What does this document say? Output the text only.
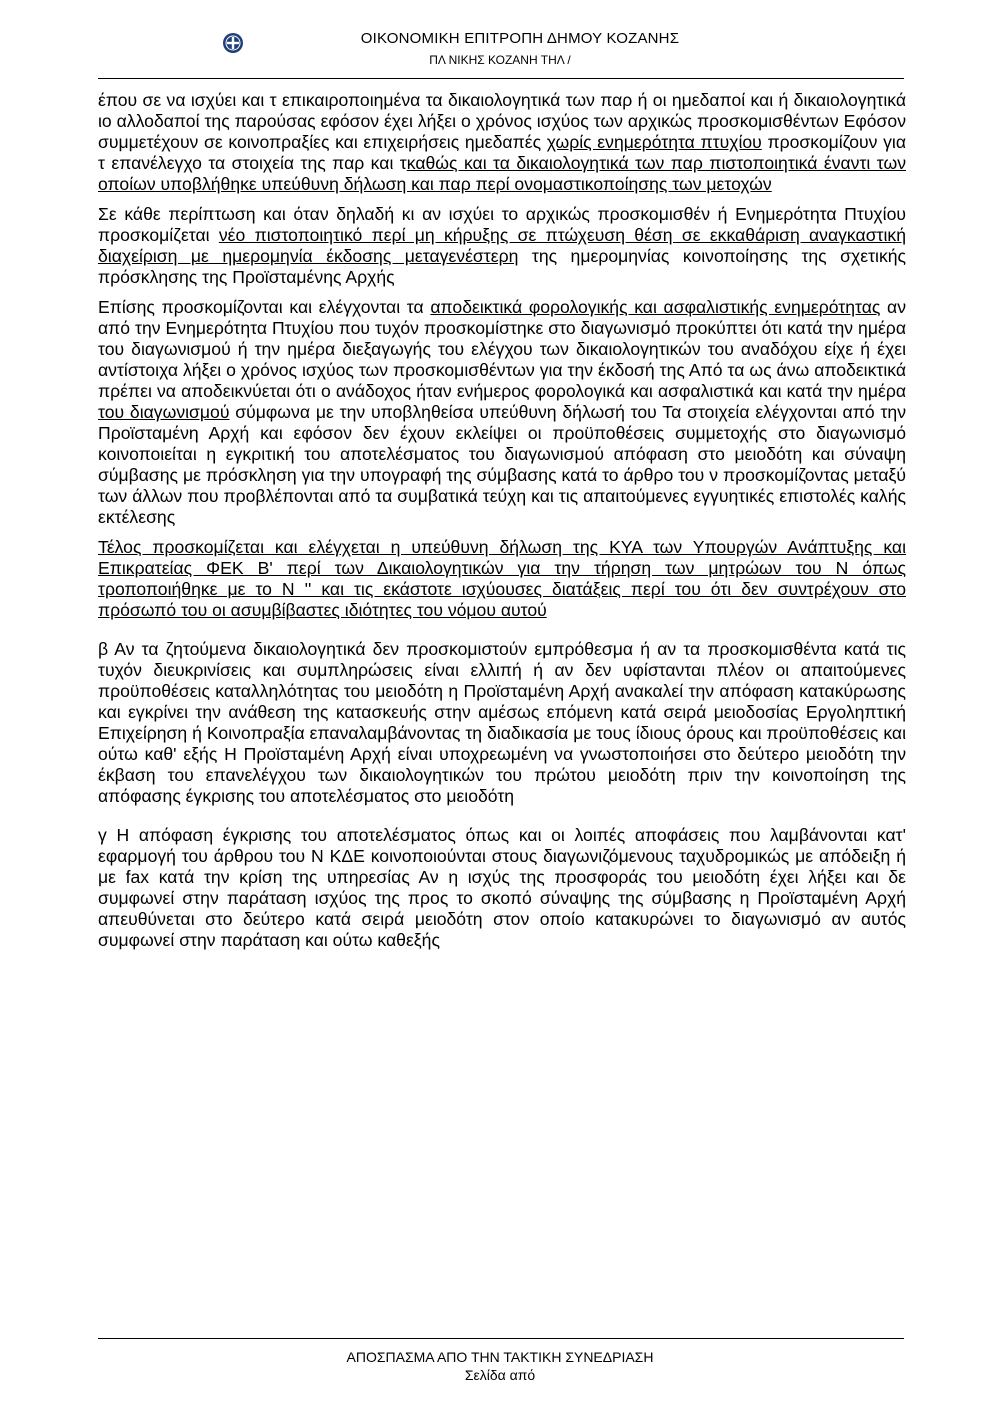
ΟΙΚΟΝΟΜΙΚΗ ΕΠΙΤΡΟΠΗ ΔΗΜΟΥ ΚΟΖΑΝΗΣ
ΠΛ ΝΙΚΗΣ ΚΟΖΑΝΗ ΤΗΛ /

έπου σε να ισχύει και τ επικαιροποιημένα τα δικαιολογητικά των παρ ή οι ημεδαποί και ή δικαιολογητικά ιο αλλοδαποί της παρούσας εφόσον έχει λήξει ο χρόνος ισχύος των αρχικώς προσκομισθέντων Εφόσον συμμετέχουν σε κοινοπραξίες και επιχειρήσεις ημεδαπές χωρίς ενημερότητα πτυχίου προσκομίζουν για τ επανέλεγχο τα στοιχεία της παρ και τκαθώς και τα δικαιολογητικά των παρ πιστοποιητικά έναντι των οποίων υποβλήθηκε υπεύθυνη δήλωση και παρ περί ονομαστικοποίησης των μετοχών

Σε κάθε περίπτωση και όταν δηλαδή κι αν ισχύει το αρχικώς προσκομισθέν ή Ενημερότητα Πτυχίου προσκομίζεται νέο πιστοποιητικό περί μη κήρυξης σε πτώχευση θέση σε εκκαθάριση αναγκαστική διαχείριση με ημερομηνία έκδοσης μεταγενέστερη της ημερομηνίας κοινοποίησης της σχετικής πρόσκλησης της Προϊσταμένης Αρχής

Επίσης προσκομίζονται και ελέγχονται τα αποδεικτικά φορολογικής και ασφαλιστικής ενημερότητας αν από την Ενημερότητα Πτυχίου που τυχόν προσκομίστηκε στο διαγωνισμό προκύπτει ότι κατά την ημέρα του διαγωνισμού ή την ημέρα διεξαγωγής του ελέγχου των δικαιολογητικών του αναδόχου είχε ή έχει αντίστοιχα λήξει ο χρόνος ισχύος των προσκομισθέντων για την έκδοσή της Από τα ως άνω αποδεικτικά πρέπει να αποδεικνύεται ότι ο ανάδοχος ήταν ενήμερος φορολογικά και ασφαλιστικά και κατά την ημέρα του διαγωνισμού σύμφωνα με την υποβληθείσα υπεύθυνη δήλωσή του Τα στοιχεία ελέγχονται από την Προϊσταμένη Αρχή και εφόσον δεν έχουν εκλείψει οι προϋποθέσεις συμμετοχής στο διαγωνισμό κοινοποιείται η εγκριτική του αποτελέσματος του διαγωνισμού απόφαση στο μειοδότη και σύναψη σύμβασης με πρόσκληση για την υπογραφή της σύμβασης κατά το άρθρο του ν προσκομίζοντας μεταξύ των άλλων που προβλέπονται από τα συμβατικά τεύχη και τις απαιτούμενες εγγυητικές επιστολές καλής εκτέλεσης

Τέλος προσκομίζεται και ελέγχεται η υπεύθυνη δήλωση της ΚΥΑ των Υπουργών Ανάπτυξης και Επικρατείας ΦΕΚ Β' περί των Δικαιολογητικών για την τήρηση των μητρώων του Ν όπως τροποποιήθηκε με το Ν '' και τις εκάστοτε ισχύουσες διατάξεις περί του ότι δεν συντρέχουν στο πρόσωπό του οι ασυμβίβαστες ιδιότητες του νόμου αυτού

β Αν τα ζητούμενα δικαιολογητικά δεν προσκομιστούν εμπρόθεσμα ή αν τα προσκομισθέντα κατά τις τυχόν διευκρινίσεις και συμπληρώσεις είναι ελλιπή ή αν δεν υφίστανται πλέον οι απαιτούμενες προϋποθέσεις καταλληλότητας του μειοδότη η Προϊσταμένη Αρχή ανακαλεί την απόφαση κατακύρωσης και εγκρίνει την ανάθεση της κατασκευής στην αμέσως επόμενη κατά σειρά μειοδοσίας Εργοληπτική Επιχείρηση ή Κοινοπραξία επαναλαμβάνοντας τη διαδικασία με τους ίδιους όρους και προϋποθέσεις και ούτω καθ' εξής Η Προϊσταμένη Αρχή είναι υποχρεωμένη να γνωστοποιήσει στο δεύτερο μειοδότη την έκβαση του επανελέγχου των δικαιολογητικών του πρώτου μειοδότη πριν την κοινοποίηση της απόφασης έγκρισης του αποτελέσματος στο μειοδότη

γ Η απόφαση έγκρισης του αποτελέσματος όπως και οι λοιπές αποφάσεις που λαμβάνονται κατ' εφαρμογή του άρθρου του Ν ΚΔΕ κοινοποιούνται στους διαγωνιζόμενους ταχυδρομικώς με απόδειξη ή με fax κατά την κρίση της υπηρεσίας Αν η ισχύς της προσφοράς του μειοδότη έχει λήξει και δε συμφωνεί στην παράταση ισχύος της προς το σκοπό σύναψης της σύμβασης η Προϊσταμένη Αρχή απευθύνεται στο δεύτερο κατά σειρά μειοδότη στον οποίο κατακυρώνει το διαγωνισμό αν αυτός συμφωνεί στην παράταση και ούτω καθεξής

ΑΠΟΣΠΑΣΜΑ ΑΠΟ ΤΗΝ ΤΑΚΤΙΚΗ ΣΥΝΕΔΡΙΑΣΗ
Σελίδα από
